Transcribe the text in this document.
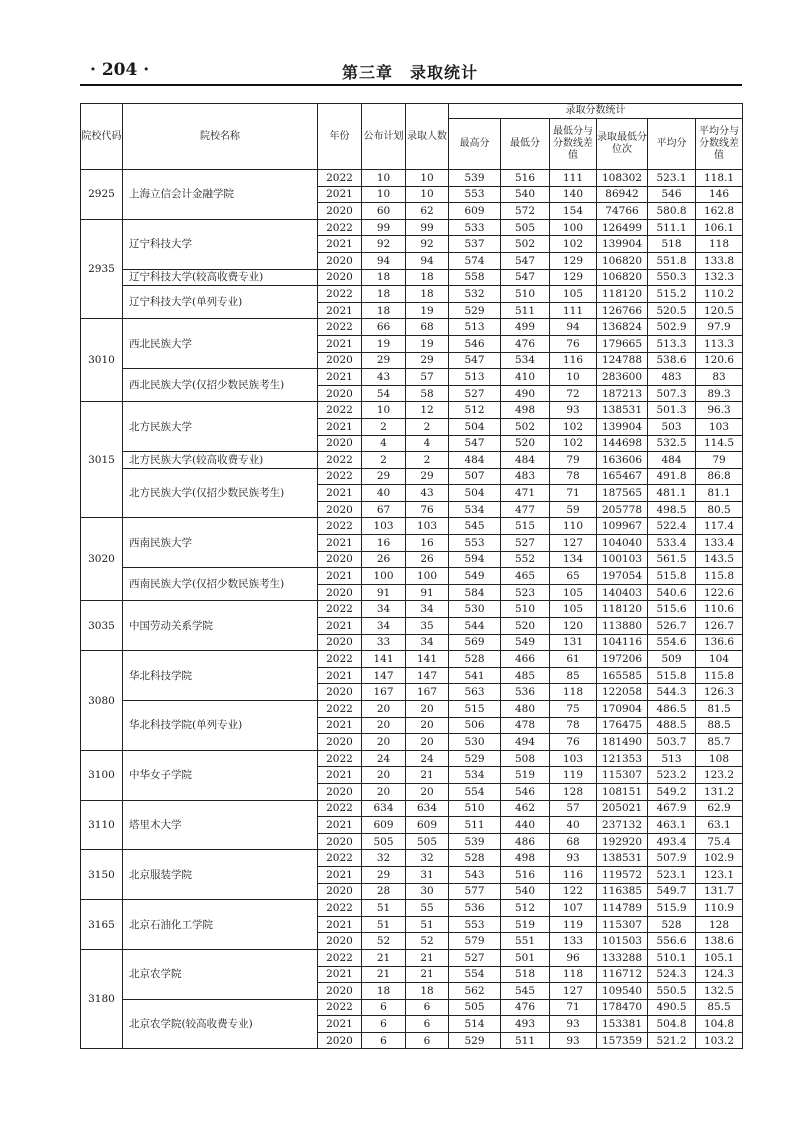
· 204 ·	第三章　录取统计
院校代码	院校名称	年份	公布计划	录取人数	录取分数统计					
					最高分	最低分	最低分与分数线差值	录取最低分位次	平均分	平均分与分数线差值
2925	上海立信会计金融学院	2022	10	10	539	516	111	108302	523.1	118.1
		2021	10	10	553	540	140	86942	546	146
		2020	60	62	609	572	154	74766	580.8	162.8
2935	辽宁科技大学	2022	99	99	533	505	100	126499	511.1	106.1
		2021	92	92	537	502	102	139904	518	118
		2020	94	94	574	547	129	106820	551.8	133.8
	辽宁科技大学(较高收费专业)	2020	18	18	558	547	129	106820	550.3	132.3
	辽宁科技大学(单列专业)	2022	18	18	532	510	105	118120	515.2	110.2
		2021	18	19	529	511	111	126766	520.5	120.5
3010	西北民族大学	2022	66	68	513	499	94	136824	502.9	97.9
		2021	19	19	546	476	76	179665	513.3	113.3
		2020	29	29	547	534	116	124788	538.6	120.6
	西北民族大学(仅招少数民族考生)	2021	43	57	513	410	10	283600	483	83
		2020	54	58	527	490	72	187213	507.3	89.3
3015	北方民族大学	2022	10	12	512	498	93	138531	501.3	96.3
		2021	2	2	504	502	102	139904	503	103
		2020	4	4	547	520	102	144698	532.5	114.5
	北方民族大学(较高收费专业)	2022	2	2	484	484	79	163606	484	79
	北方民族大学(仅招少数民族考生)	2022	29	29	507	483	78	165467	491.8	86.8
		2021	40	43	504	471	71	187565	481.1	81.1
		2020	67	76	534	477	59	205778	498.5	80.5
3020	西南民族大学	2022	103	103	545	515	110	109967	522.4	117.4
		2021	16	16	553	527	127	104040	533.4	133.4
		2020	26	26	594	552	134	100103	561.5	143.5
	西南民族大学(仅招少数民族考生)	2021	100	100	549	465	65	197054	515.8	115.8
		2020	91	91	584	523	105	140403	540.6	122.6
3035	中国劳动关系学院	2022	34	34	530	510	105	118120	515.6	110.6
		2021	34	35	544	520	120	113880	526.7	126.7
		2020	33	34	569	549	131	104116	554.6	136.6
3080	华北科技学院	2022	141	141	528	466	61	197206	509	104
		2021	147	147	541	485	85	165585	515.8	115.8
		2020	167	167	563	536	118	122058	544.3	126.3
	华北科技学院(单列专业)	2022	20	20	515	480	75	170904	486.5	81.5
		2021	20	20	506	478	78	176475	488.5	88.5
		2020	20	20	530	494	76	181490	503.7	85.7
3100	中华女子学院	2022	24	24	529	508	103	121353	513	108
		2021	20	21	534	519	119	115307	523.2	123.2
		2020	20	20	554	546	128	108151	549.2	131.2
3110	塔里木大学	2022	634	634	510	462	57	205021	467.9	62.9
		2021	609	609	511	440	40	237132	463.1	63.1
		2020	505	505	539	486	68	192920	493.4	75.4
3150	北京服装学院	2022	32	32	528	498	93	138531	507.9	102.9
		2021	29	31	543	516	116	119572	523.1	123.1
		2020	28	30	577	540	122	116385	549.7	131.7
3165	北京石油化工学院	2022	51	55	536	512	107	114789	515.9	110.9
		2021	51	51	553	519	119	115307	528	128
		2020	52	52	579	551	133	101503	556.6	138.6
3180	北京农学院	2022	21	21	527	501	96	133288	510.1	105.1
		2021	21	21	554	518	118	116712	524.3	124.3
		2020	18	18	562	545	127	109540	550.5	132.5
	北京农学院(较高收费专业)	2022	6	6	505	476	71	178470	490.5	85.5
		2021	6	6	514	493	93	153381	504.8	104.8
		2020	6	6	529	511	93	157359	521.2	103.2
